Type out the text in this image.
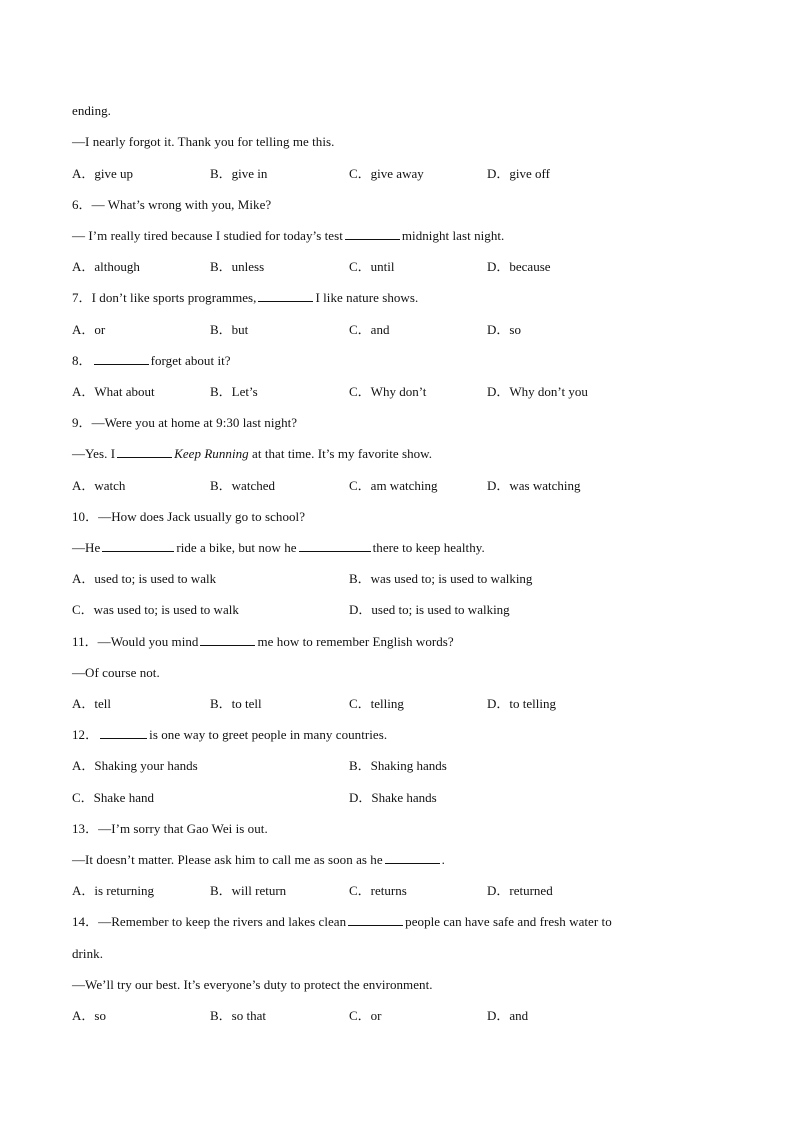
ending.
—I nearly forgot it. Thank you for telling me this.
A．give up	B．give in	C．give away	D．give off
6．— What’s wrong with you, Mike?
— I’m really tired because I studied for today’s test	midnight last night.
A．although	B．unless	C．until	D．because
7．I don’t like sports programmes,	I like nature shows.
A．or	B．but	C．and	D．so
8．	forget about it?
A．What about	B．Let’s	C．Why don’t	D．Why don’t you
9．—Were you at home at 9:30 last night?
—Yes. I	Keep Running at that time. It’s my favorite show.
A．watch	B．watched	C．am watching	D．was watching
10．—How does Jack usually go to school?
—He	ride a bike, but now he	there to keep healthy.
A．used to; is used to walk	B．was used to; is used to walking
C．was used to; is used to walk	D．used to; is used to walking
11．—Would you mind	me how to remember English words?
—Of course not.
A．tell	B．to tell	C．telling	D．to telling
12．	is one way to greet people in many countries.
A．Shaking your hands	B．Shaking hands
C．Shake hand	D．Shake hands
13．—I’m sorry that Gao Wei is out.
—It doesn’t matter. Please ask him to call me as soon as he	.
A．is returning	B．will return	C．returns	D．returned
14．—Remember to keep the rivers and lakes clean	people can have safe and fresh water to
drink.
—We’ll try our best. It’s everyone’s duty to protect the environment.
A．so	B．so that	C．or	D．and
